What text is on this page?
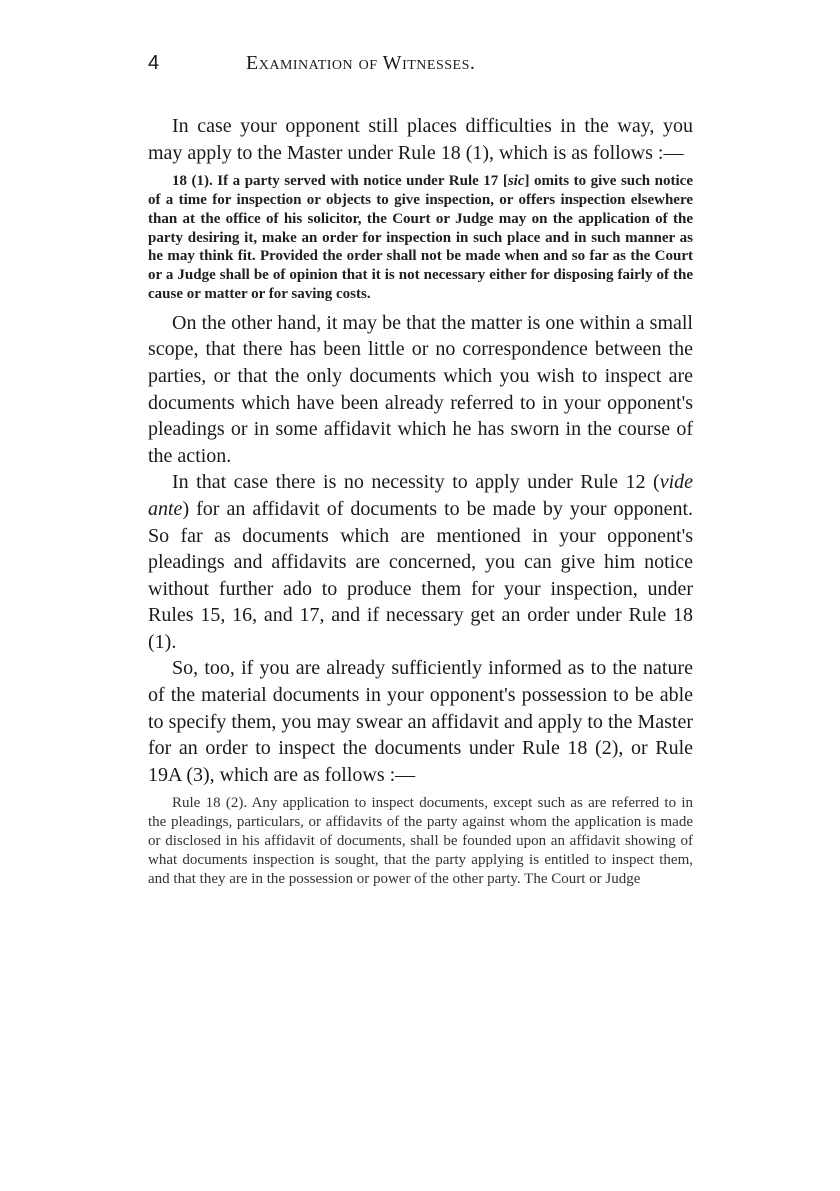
4	Examination of Witnesses.

In case your opponent still places difficulties in the way, you may apply to the Master under Rule 18 (1), which is as follows :—

18 (1). If a party served with notice under Rule 17 [sic] omits to give such notice of a time for inspection or objects to give inspection, or offers inspection elsewhere than at the office of his solicitor, the Court or Judge may on the application of the party desiring it, make an order for inspection in such place and in such manner as he may think fit. Provided the order shall not be made when and so far as the Court or a Judge shall be of opinion that it is not necessary either for disposing fairly of the cause or matter or for saving costs.

On the other hand, it may be that the matter is one within a small scope, that there has been little or no correspondence between the parties, or that the only documents which you wish to inspect are documents which have been already referred to in your opponent's pleadings or in some affidavit which he has sworn in the course of the action.

In that case there is no necessity to apply under Rule 12 (vide ante) for an affidavit of documents to be made by your opponent. So far as documents which are mentioned in your opponent's pleadings and affidavits are concerned, you can give him notice without further ado to produce them for your inspection, under Rules 15, 16, and 17, and if necessary get an order under Rule 18 (1).

So, too, if you are already sufficiently informed as to the nature of the material documents in your opponent's possession to be able to specify them, you may swear an affidavit and apply to the Master for an order to inspect the documents under Rule 18 (2), or Rule 19A (3), which are as follows :—

Rule 18 (2). Any application to inspect documents, except such as are referred to in the pleadings, particulars, or affidavits of the party against whom the application is made or disclosed in his affidavit of documents, shall be founded upon an affidavit showing of what documents inspection is sought, that the party applying is entitled to inspect them, and that they are in the possession or power of the other party. The Court or Judge
